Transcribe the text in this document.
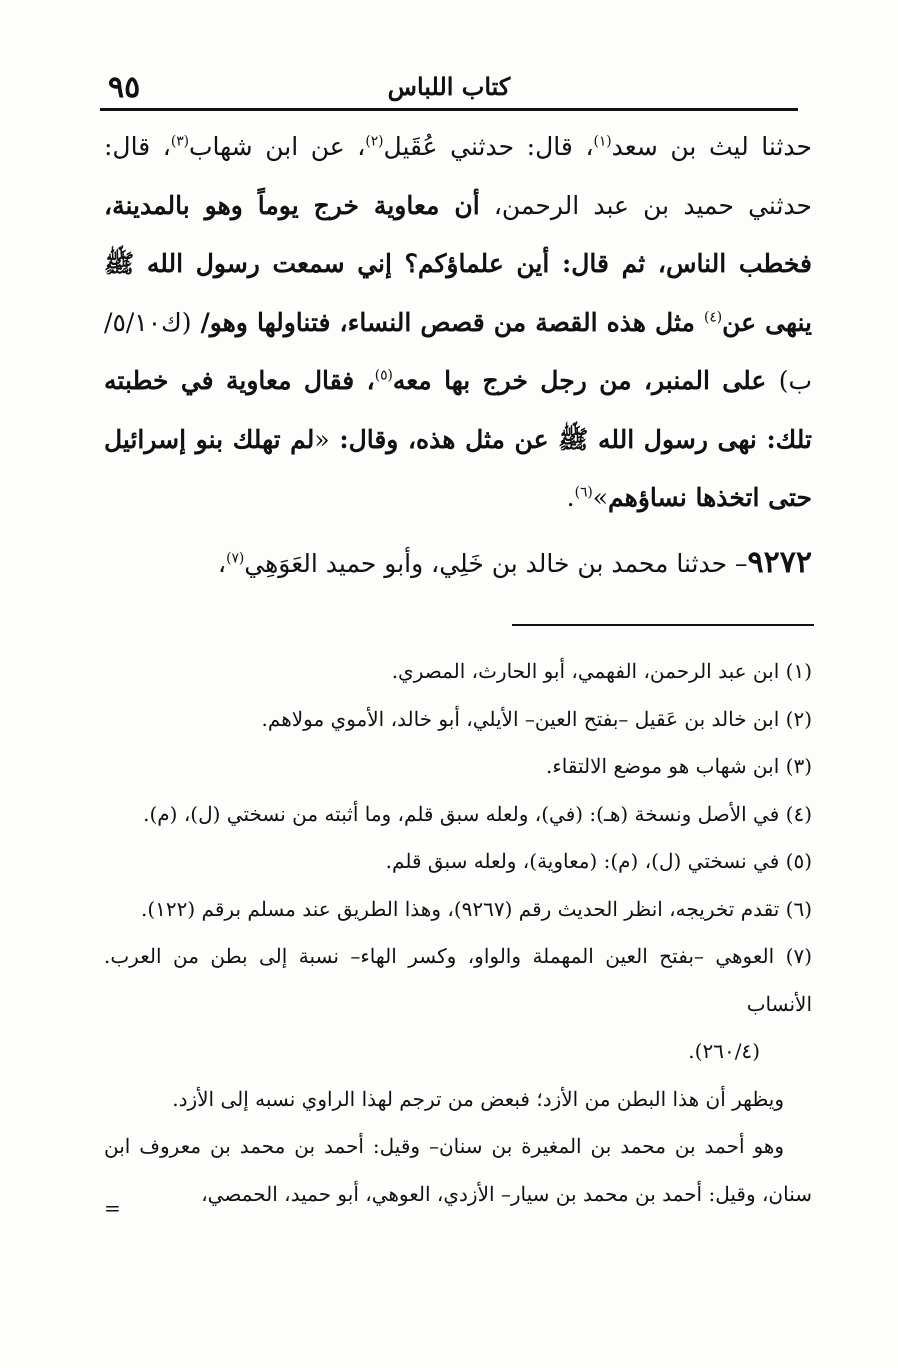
٩٥	كتاب اللباس

حدثنا ليث بن سعد$^{(١)}$، قال: حدثني عُقَيل$^{(٢)}$، عن ابن شهاب$^{(٣)}$، قال: حدثني حميد بن عبد الرحمن، أن معاوية خرج يوماً وهو بالمدينة، فخطب الناس، ثم قال: أين علماؤكم؟ إني سمعت رسول الله ﷺ ينهى عن$^{(٤)}$ مثل هذه القصة من قصص النساء، فتناولها وهو/ (ك٥/١٠/ب) على المنبر، من رجل خرج بها معه$^{(٥)}$، فقال معاوية في خطبته تلك: نهى رسول الله ﷺ عن مثل هذه، وقال: «لم تهلك بنو إسرائيل حتى اتخذها نساؤهم»$^{(٦)}$.

٩٢٧٢– حدثنا محمد بن خالد بن خَلِي، وأبو حميد العَوَهِي$^{(٧)}$،

(١) ابن عبد الرحمن، الفهمي، أبو الحارث، المصري.

(٢) ابن خالد بن عَقيل –بفتح العين– الأيلي، أبو خالد، الأموي مولاهم.

(٣) ابن شهاب هو موضع الالتقاء.

(٤) في الأصل ونسخة (هـ): (في)، ولعله سبق قلم، وما أثبته من نسختي (ل)، (م).

(٥) في نسختي (ل)، (م): (معاوية)، ولعله سبق قلم.

(٦) تقدم تخريجه، انظر الحديث رقم (٩٢٦٧)، وهذا الطريق عند مسلم برقم (١٢٢).

(٧) العوهي –بفتح العين المهملة والواو، وكسر الهاء– نسبة إلى بطن من العرب. الأنساب

(٢٦٠/٤).

ويظهر أن هذا البطن من الأزد؛ فبعض من ترجم لهذا الراوي نسبه إلى الأزد.

وهو أحمد بن محمد بن المغيرة بن سنان– وقيل: أحمد بن محمد بن معروف ابن سنان، وقيل: أحمد بن محمد بن سيار– الأزدي، العوهي، أبو حميد، الحمصي،

=
